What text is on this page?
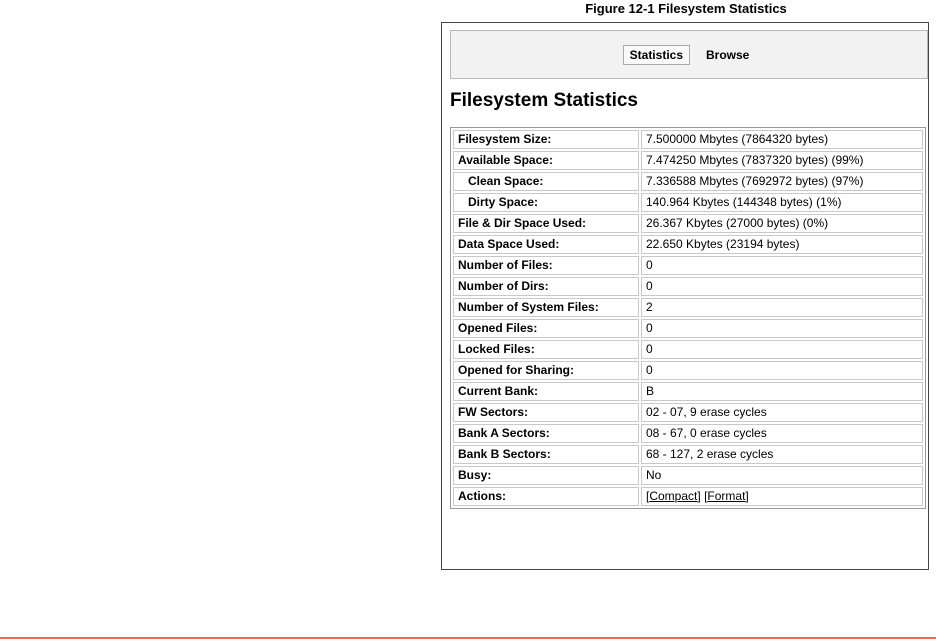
Figure 12-1 Filesystem Statistics
Statistics	Browse
Filesystem Statistics
Filesystem Size:	7.500000 Mbytes (7864320 bytes)
Available Space:	7.474250 Mbytes (7837320 bytes) (99%)
Clean Space:	7.336588 Mbytes (7692972 bytes) (97%)
Dirty Space:	140.964 Kbytes (144348 bytes) (1%)
File & Dir Space Used:	26.367 Kbytes (27000 bytes) (0%)
Data Space Used:	22.650 Kbytes (23194 bytes)
Number of Files:	0
Number of Dirs:	0
Number of System Files:	2
Opened Files:	0
Locked Files:	0
Opened for Sharing:	0
Current Bank:	B
FW Sectors:	02 - 07, 9 erase cycles
Bank A Sectors:	08 - 67, 0 erase cycles
Bank B Sectors:	68 - 127, 2 erase cycles
Busy:	No
Actions:	[Compact] [Format]
